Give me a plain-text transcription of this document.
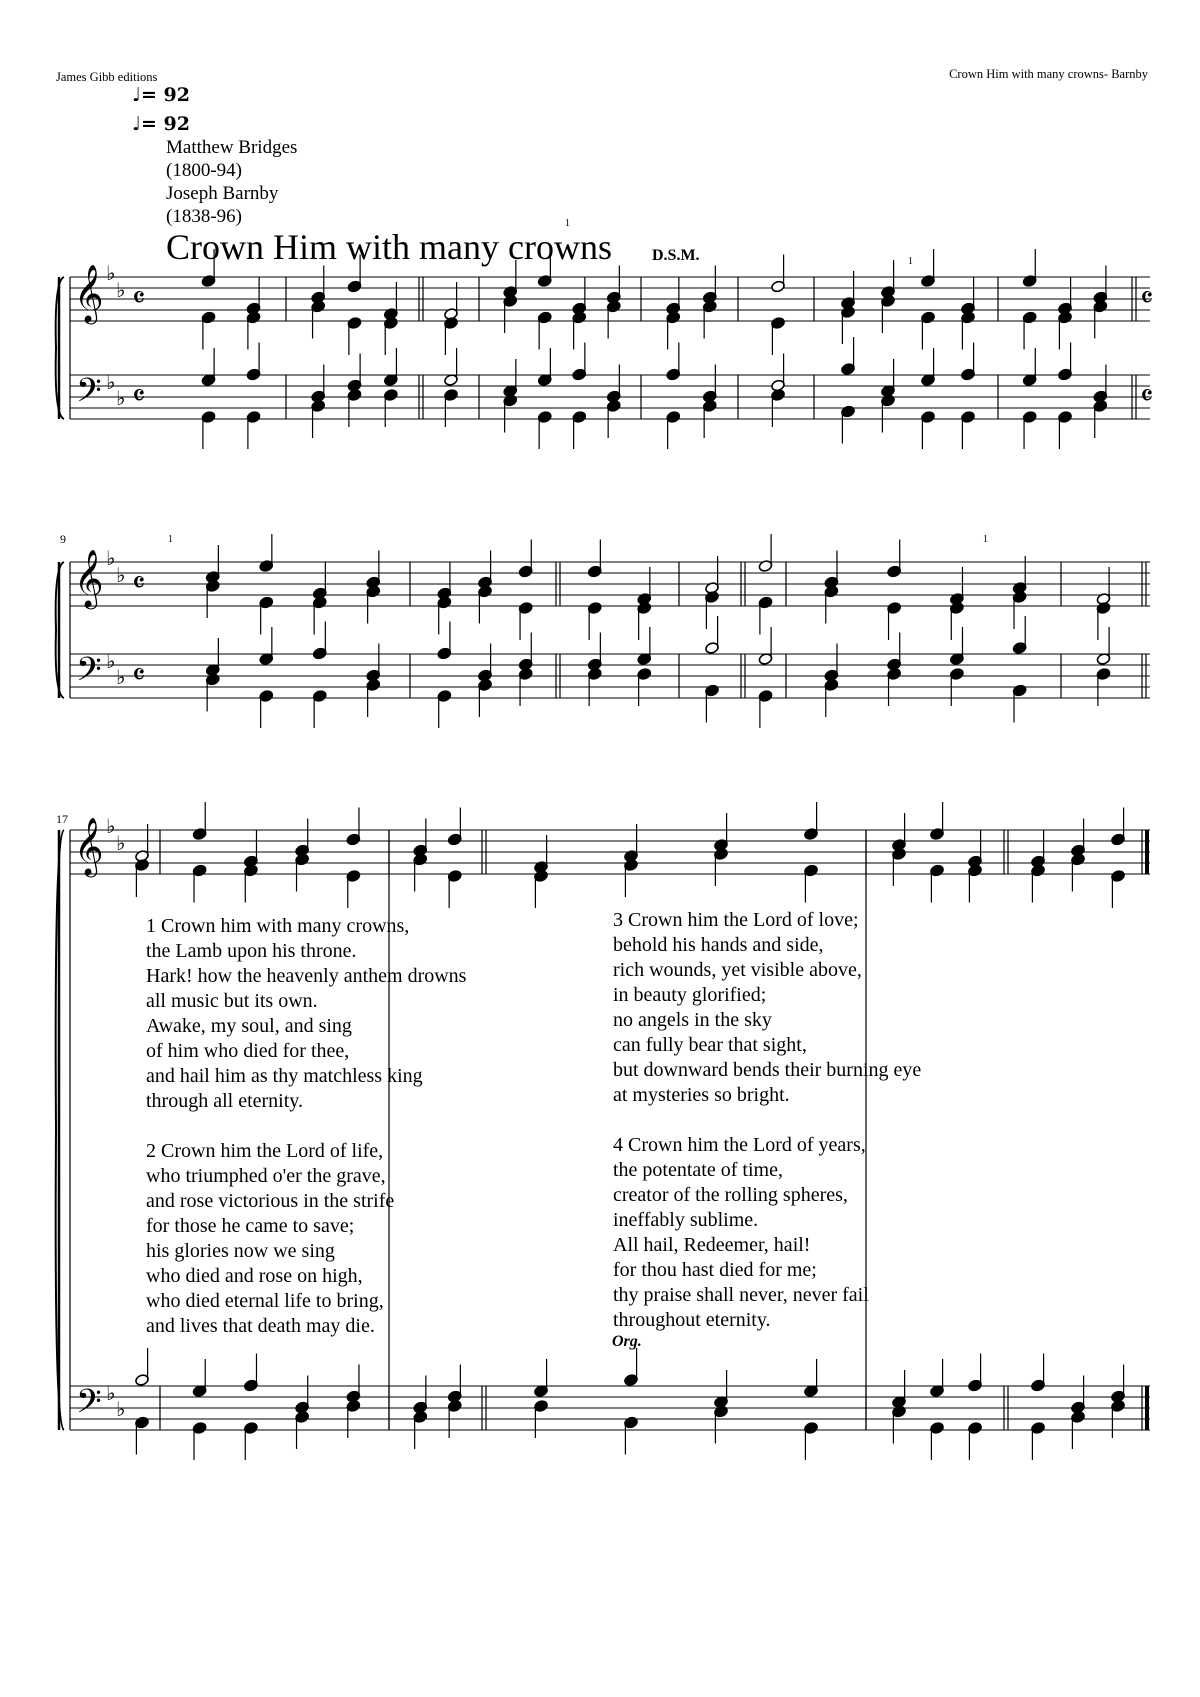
James Gibb editions	Crown Him with many crowns- Barnby
♩= 92
♩= 92
Matthew Bridges
(1800-94)
Joseph Barnby
(1838-96)
Crown Him with many crowns
1
D.S.M.	1
9	1	1
17
𝄞
𝄢
♭
♭
♭
♭
𝄴
𝄴
𝄴
𝄴
𝄞
𝄢
♭
♭
♭
♭
𝄴
𝄴
𝄞
𝄢
♭
♭
♭
♭
1 Crown him with many crowns,
the Lamb upon his throne.
Hark! how the heavenly anthem drowns
all music but its own.
Awake, my soul, and sing
of him who died for thee,
and hail him as thy matchless king
through all eternity.
2 Crown him the Lord of life,
who triumphed o'er the grave,
and rose victorious in the strife
for those he came to save;
his glories now we sing
who died and rose on high,
who died eternal life to bring,
and lives that death may die.
3 Crown him the Lord of love;
behold his hands and side,
rich wounds, yet visible above,
in beauty glorified;
no angels in the sky
can fully bear that sight,
but downward bends their burning eye
at mysteries so bright.
4 Crown him the Lord of years,
the potentate of time,
creator of the rolling spheres,
ineffably sublime.
All hail, Redeemer, hail!
for thou hast died for me;
thy praise shall never, never fail
throughout eternity.
Org.
